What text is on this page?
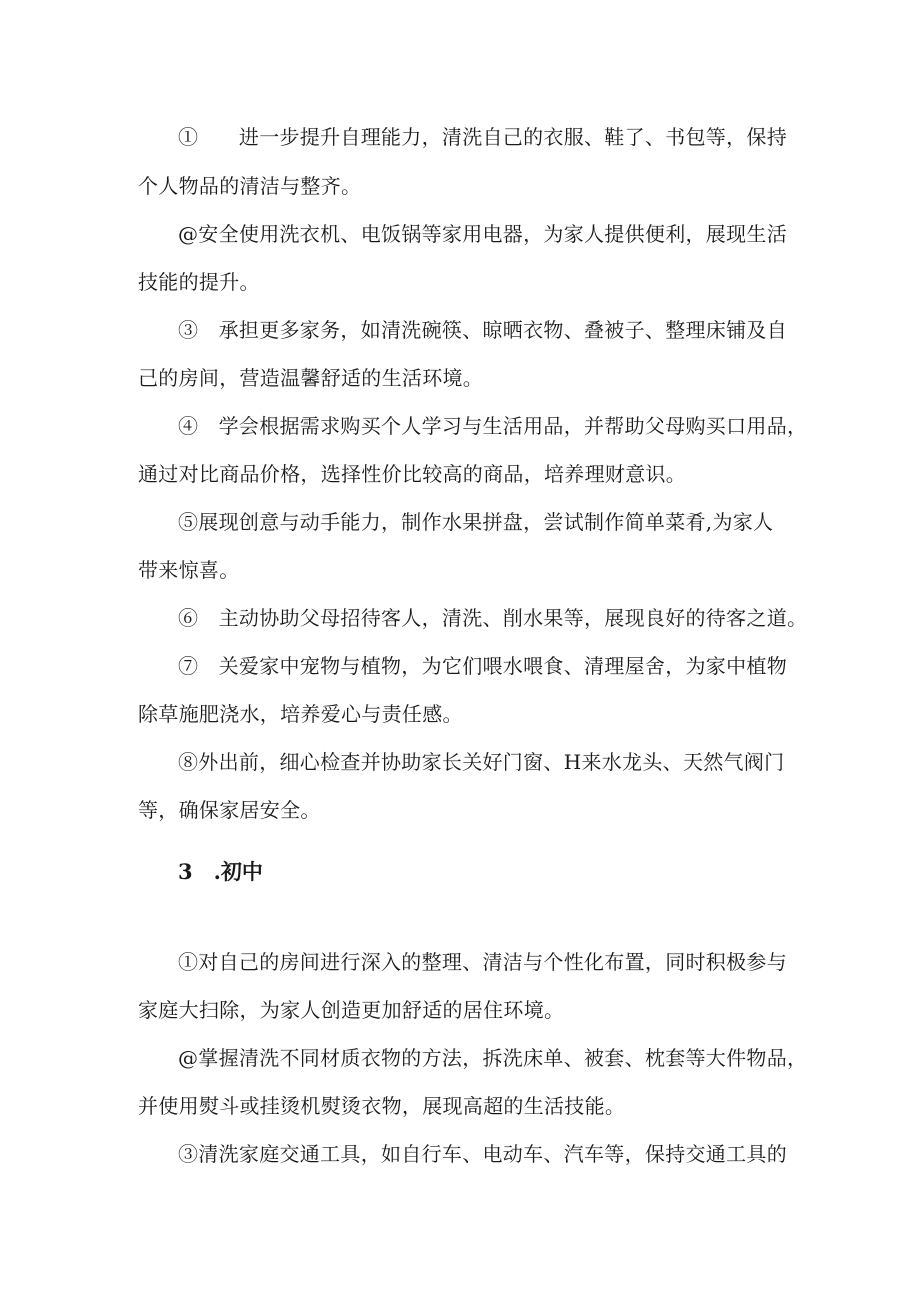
①　　进一步提升自理能力，清洗自己的衣服、鞋了、书包等，保持
个人物品的清洁与整齐。
@安全使用洗衣机、电饭锅等家用电器，为家人提供便利，展现生活
技能的提升。
③　承担更多家务，如清洗碗筷、晾晒衣物、叠被子、整理床铺及自
己的房间，营造温馨舒适的生活环境。
④　学会根据需求购买个人学习与生活用品，并帮助父母购买口用品，
通过对比商品价格，选择性价比较高的商品，培养理财意识。
⑤展现创意与动手能力，制作水果拼盘，尝试制作简单菜肴,为家人
带来惊喜。
⑥　主动协助父母招待客人，清洗、削水果等，展现良好的待客之道。
⑦　关爱家中宠物与植物，为它们喂水喂食、清理屋舍，为家中植物
除草施肥浇水，培养爱心与责任感。
⑧外出前，细心检查并协助家长关好门窗、H来水龙头、天然气阀门
等，确保家居安全。
3　.初中
①对自己的房间进行深入的整理、清洁与个性化布置，同时积极参与
家庭大扫除，为家人创造更加舒适的居住环境。
@掌握清洗不同材质衣物的方法，拆洗床单、被套、枕套等大件物品，
并使用熨斗或挂烫机熨烫衣物，展现高超的生活技能。
③清洗家庭交通工具，如自行车、电动车、汽车等，保持交通工具的
